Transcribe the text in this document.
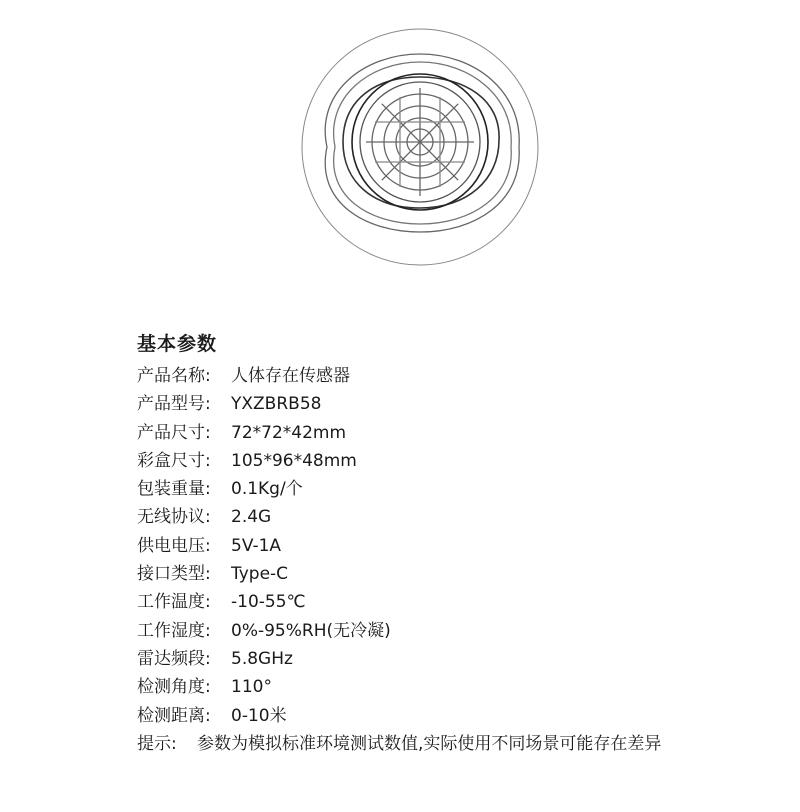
基本参数
产品名称:	人体存在传感器
产品型号:	YXZBRB58
产品尺寸:	72*72*42mm
彩盒尺寸:	105*96*48mm
包装重量:	0.1Kg/个
无线协议:	2.4G
供电电压:	5V-1A
接口类型:	Type-C
工作温度:	-10-55℃
工作湿度:	0%-95%RH(无冷凝)
雷达频段:	5.8GHz
检测角度:	110°
检测距离:	0-10米
提示:	参数为模拟标准环境测试数值,实际使用不同场景可能存在差异
